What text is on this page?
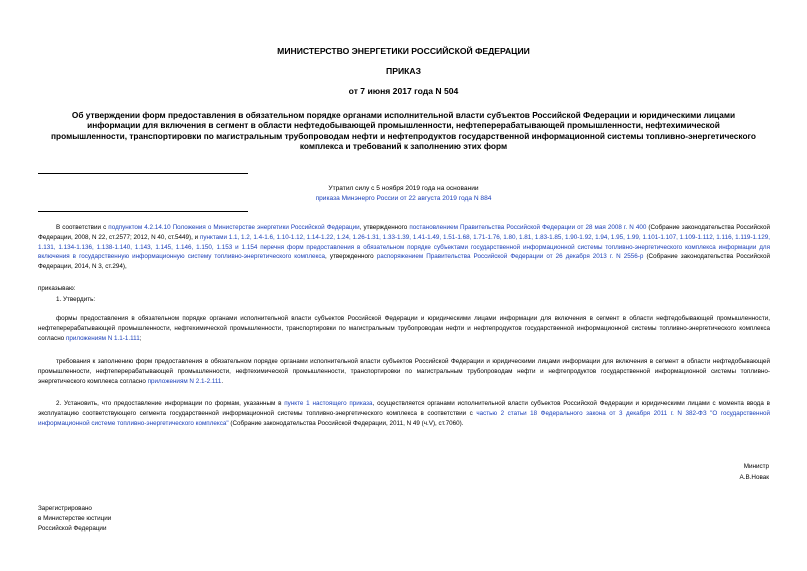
МИНИСТЕРСТВО ЭНЕРГЕТИКИ РОССИЙСКОЙ ФЕДЕРАЦИИ
ПРИКАЗ
от 7 июня 2017 года N 504
Об утверждении форм предоставления в обязательном порядке органами исполнительной власти субъектов Российской Федерации и юридическими лицами информации для включения в сегмент в области нефтедобывающей промышленности, нефтеперерабатывающей промышленности, нефтехимической промышленности, транспортировки по магистральным трубопроводам нефти и нефтепродуктов государственной информационной системы топливно-энергетического комплекса и требований к заполнению этих форм
Утратил силу с 5 ноября 2019 года на основании
приказа Минэнерго России от 22 августа 2019 года N 884

В соответствии с подпунктом 4.2.14.10 Положения о Министерстве энергетики Российской Федерации, утвержденного постановлением Правительства Российской Федерации от 28 мая 2008 г. N 400 (Собрание законодательства Российской Федерации, 2008, N 22, ст.2577; 2012, N 40, ст.5449), и пунктами 1.1, 1.2, 1.4-1.6, 1.10-1.12, 1.14-1.22, 1.24, 1.26-1.31, 1.33-1.39, 1.41-1.49, 1.51-1.68, 1.71-1.76, 1.80, 1.81, 1.83-1.85, 1.90-1.92, 1.94, 1.95, 1.99, 1.101-1.107, 1.109-1.112, 1.116, 1.119-1.129, 1.131, 1.134-1.136, 1.138-1.140, 1.143, 1.145, 1.146, 1.150, 1.153 и 1.154 перечня форм предоставления в обязательном порядке субъектами государственной информационной системы топливно-энергетического комплекса информации для включения в государственную информационную систему топливно-энергетического комплекса, утвержденного распоряжением Правительства Российской Федерации от 26 декабря 2013 г. N 2556-р (Собрание законодательства Российской Федерации, 2014, N 3, ст.294),

приказываю:
1. Утвердить:

формы предоставления в обязательном порядке органами исполнительной власти субъектов Российской Федерации и юридическими лицами информации для включения в сегмент в области нефтедобывающей промышленности, нефтеперерабатывающей промышленности, нефтехимической промышленности, транспортировки по магистральным трубопроводам нефти и нефтепродуктов государственной информационной системы топливно-энергетического комплекса согласно приложениям N 1.1-1.111;

требования к заполнению форм предоставления в обязательном порядке органами исполнительной власти субъектов Российской Федерации и юридическими лицами информации для включения в сегмент в области нефтедобывающей промышленности, нефтеперерабатывающей промышленности, нефтехимической промышленности, транспортировки по магистральным трубопроводам нефти и нефтепродуктов государственной информационной системы топливно-энергетического комплекса согласно приложениям N 2.1-2.111.

2. Установить, что предоставление информации по формам, указанным в пункте 1 настоящего приказа, осуществляется органами исполнительной власти субъектов Российской Федерации и юридическими лицами с момента ввода в эксплуатацию соответствующего сегмента государственной информационной системы топливно-энергетического комплекса в соответствии с частью 2 статьи 18 Федерального закона от 3 декабря 2011 г. N 382-ФЗ "О государственной информационной системе топливно-энергетического комплекса" (Собрание законодательства Российской Федерации, 2011, N 49 (ч.V), ст.7060).

Министр
А.В.Новак
Зарегистрировано
в Министерстве юстиции
Российской Федерации
